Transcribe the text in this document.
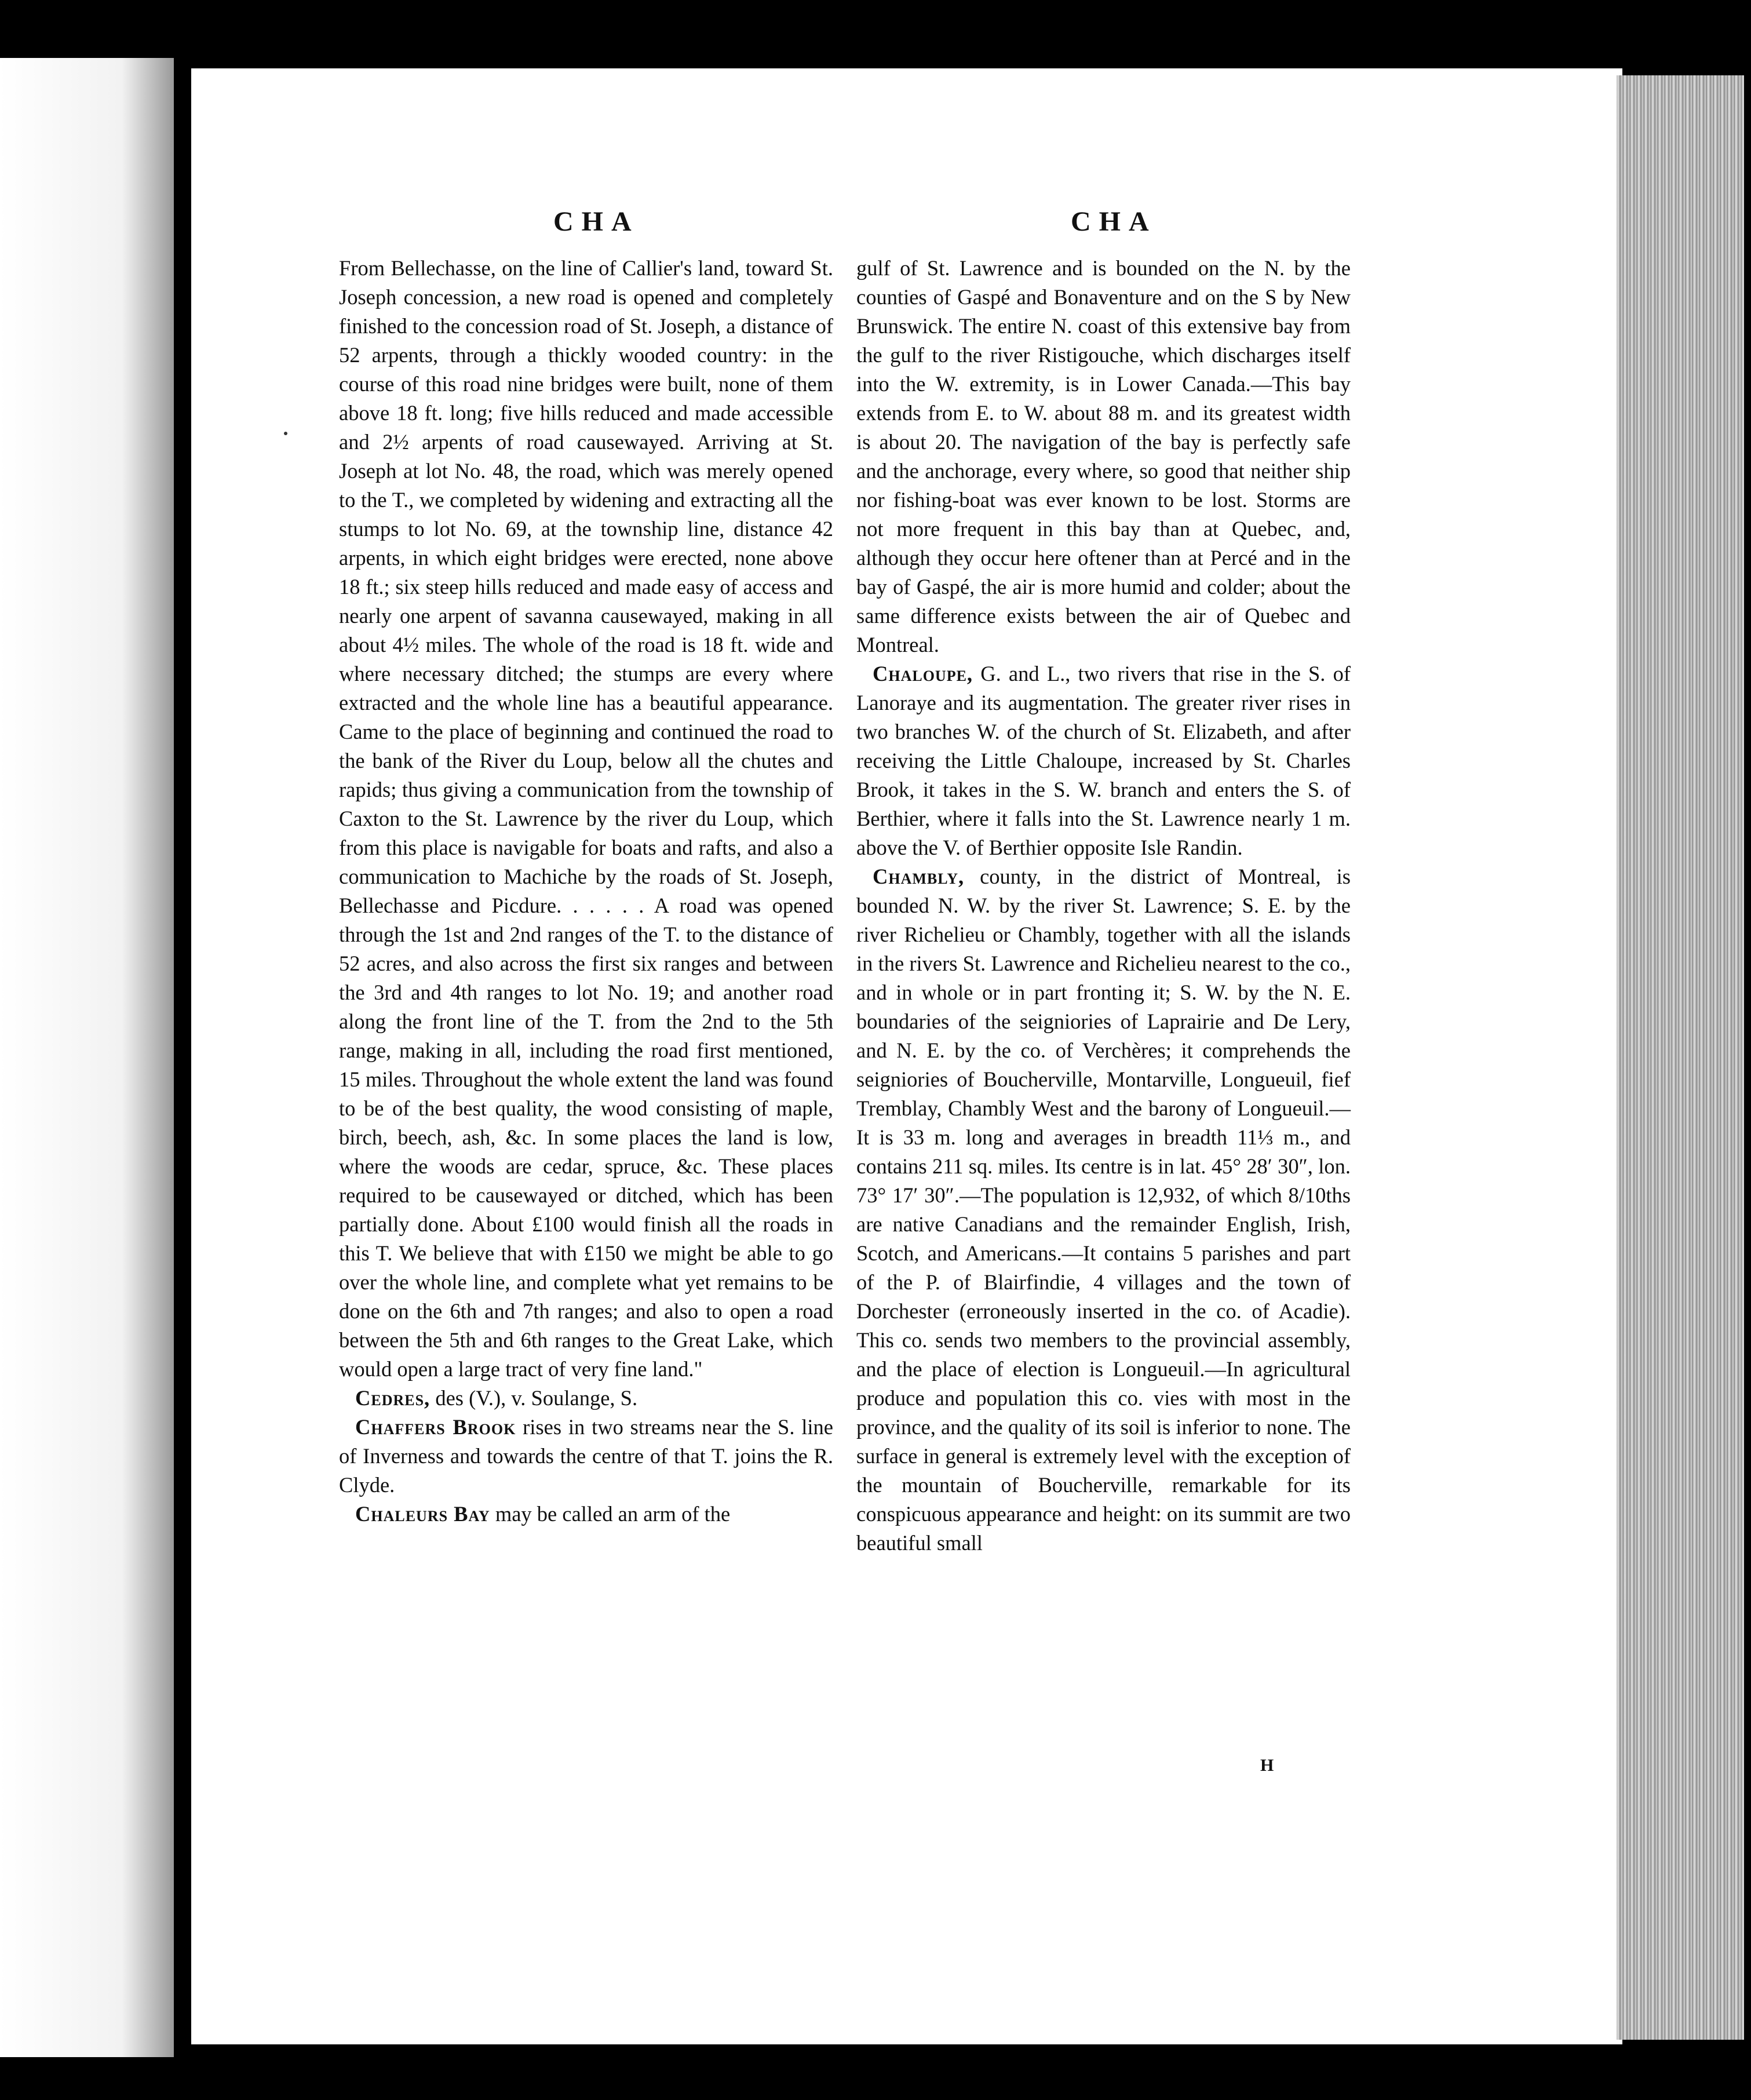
CHA	CHA

From Bellechasse, on the line of Callier's land, toward St. Joseph concession, a new road is opened and completely finished to the concession road of St. Joseph, a distance of 52 arpents, through a thickly wooded country: in the course of this road nine bridges were built, none of them above 18 ft. long; five hills reduced and made accessible and 2½ arpents of road causewayed. Arriving at St. Joseph at lot No. 48, the road, which was merely opened to the T., we completed by widening and extracting all the stumps to lot No. 69, at the township line, distance 42 arpents, in which eight bridges were erected, none above 18 ft.; six steep hills reduced and made easy of access and nearly one arpent of savanna causewayed, making in all about 4½ miles. The whole of the road is 18 ft. wide and where necessary ditched; the stumps are every where extracted and the whole line has a beautiful appearance. Came to the place of beginning and continued the road to the bank of the River du Loup, below all the chutes and rapids; thus giving a communication from the township of Caxton to the St. Lawrence by the river du Loup, which from this place is navigable for boats and rafts, and also a communication to Machiche by the roads of St. Joseph, Bellechasse and Picdure. . . . . . A road was opened through the 1st and 2nd ranges of the T. to the distance of 52 acres, and also across the first six ranges and between the 3rd and 4th ranges to lot No. 19; and another road along the front line of the T. from the 2nd to the 5th range, making in all, including the road first mentioned, 15 miles. Throughout the whole extent the land was found to be of the best quality, the wood consisting of maple, birch, beech, ash, &c. In some places the land is low, where the woods are cedar, spruce, &c. These places required to be causewayed or ditched, which has been partially done. About £100 would finish all the roads in this T. We believe that with £150 we might be able to go over the whole line, and complete what yet remains to be done on the 6th and 7th ranges; and also to open a road between the 5th and 6th ranges to the Great Lake, which would open a large tract of very fine land."

Cedres, des (V.), v. Soulange, S.

Chaffers Brook rises in two streams near the S. line of Inverness and towards the centre of that T. joins the R. Clyde.

Chaleurs Bay may be called an arm of the

gulf of St. Lawrence and is bounded on the N. by the counties of Gaspé and Bonaventure and on the S by New Brunswick. The entire N. coast of this extensive bay from the gulf to the river Ristigouche, which discharges itself into the W. extremity, is in Lower Canada.—This bay extends from E. to W. about 88 m. and its greatest width is about 20. The navigation of the bay is perfectly safe and the anchorage, every where, so good that neither ship nor fishing-boat was ever known to be lost. Storms are not more frequent in this bay than at Quebec, and, although they occur here oftener than at Percé and in the bay of Gaspé, the air is more humid and colder; about the same difference exists between the air of Quebec and Montreal.

Chaloupe, G. and L., two rivers that rise in the S. of Lanoraye and its augmentation. The greater river rises in two branches W. of the church of St. Elizabeth, and after receiving the Little Chaloupe, increased by St. Charles Brook, it takes in the S. W. branch and enters the S. of Berthier, where it falls into the St. Lawrence nearly 1 m. above the V. of Berthier opposite Isle Randin.

Chambly, county, in the district of Montreal, is bounded N. W. by the river St. Lawrence; S. E. by the river Richelieu or Chambly, together with all the islands in the rivers St. Lawrence and Richelieu nearest to the co., and in whole or in part fronting it; S. W. by the N. E. boundaries of the seigniories of Laprairie and De Lery, and N. E. by the co. of Verchères; it comprehends the seigniories of Boucherville, Montarville, Longueuil, fief Tremblay, Chambly West and the barony of Longueuil.—It is 33 m. long and averages in breadth 11⅓ m., and contains 211 sq. miles. Its centre is in lat. 45° 28′ 30″, lon. 73° 17′ 30″.—The population is 12,932, of which 8/10ths are native Canadians and the remainder English, Irish, Scotch, and Americans.—It contains 5 parishes and part of the P. of Blairfindie, 4 villages and the town of Dorchester (erroneously inserted in the co. of Acadie). This co. sends two members to the provincial assembly, and the place of election is Longueuil.—In agricultural produce and population this co. vies with most in the province, and the quality of its soil is inferior to none. The surface in general is extremely level with the exception of the mountain of Boucherville, remarkable for its conspicuous appearance and height: on its summit are two beautiful small

H
